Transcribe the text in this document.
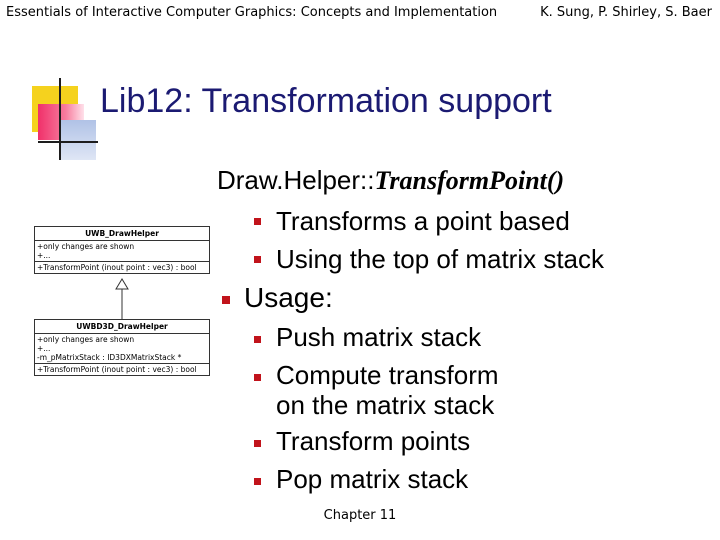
Essentials of Interactive Computer Graphics: Concepts and Implementation	K. Sung, P. Shirley, S. Baer
Lib12: Transformation support
Draw.Helper::TransformPoint()
Transforms a point based
Using the top of matrix stack
Usage:
Push matrix stack
Compute transform
on the matrix stack
Transform points
Pop matrix stack
UWB_DrawHelper
+only changes are shown
+...
+TransformPoint (inout point : vec3) : bool
UWBD3D_DrawHelper
+only changes are shown
+...
-m_pMatrixStack : ID3DXMatrixStack *
+TransformPoint (inout point : vec3) : bool
Chapter 11
